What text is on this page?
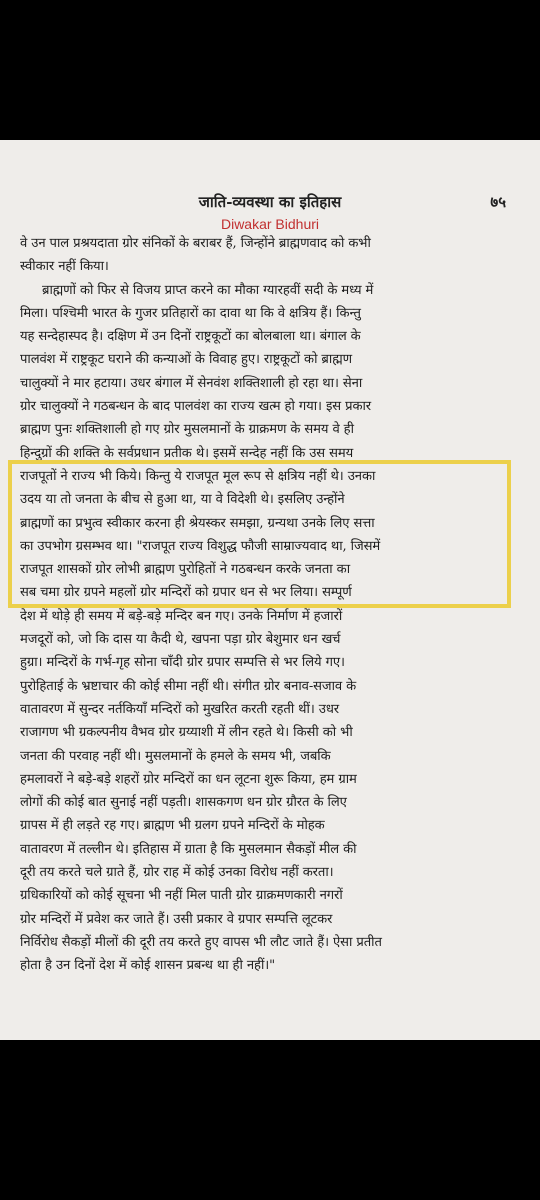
जाति-व्यवस्था का इतिहास	७५
Diwakar Bidhuri
वे उन पाल प्रश्रयदाता ग्रोर संनिकों के बराबर हैं, जिन्होंने ब्राह्मणवाद को कभी
स्वीकार नहीं किया।
ब्राह्मणों को फिर से विजय प्राप्त करने का मौका ग्यारहवीं सदी के मध्य में
मिला। पश्चिमी भारत के गुजर प्रतिहारों का दावा था कि वे क्षत्रिय हैं। किन्तु
यह सन्देहास्पद है। दक्षिण में उन दिनों राष्ट्रकूटों का बोलबाला था। बंगाल के
पालवंश में राष्ट्रकूट घराने की कन्याओं के विवाह हुए। राष्ट्रकूटों को ब्राह्मण
चालुक्यों ने मार हटाया। उधर बंगाल में सेनवंश शक्तिशाली हो रहा था। सेना
ग्रोर चालुक्यों ने गठबन्धन के बाद पालवंश का राज्य खत्म हो गया। इस प्रकार
ब्राह्मण पुनः शक्तिशाली हो गए ग्रोर मुसलमानों के ग्राक्रमण के समय वे ही
हिन्दुग्रों की शक्ति के सर्वप्रधान प्रतीक थे। इसमें सन्देह नहीं कि उस समय
राजपूतों ने राज्य भी किये। किन्तु ये राजपूत मूल रूप से क्षत्रिय नहीं थे। उनका
उदय या तो जनता के बीच से हुआ था, या वे विदेशी थे। इसलिए उन्होंने
ब्राह्मणों का प्रभुत्व स्वीकार करना ही श्रेयस्कर समझा, ग्रन्यथा उनके लिए सत्ता
का उपभोग ग्रसम्भव था। "राजपूत राज्य विशुद्ध फौजी साम्राज्यवाद था, जिसमें
राजपूत शासकों ग्रोर लोभी ब्राह्मण पुरोहितों ने गठबन्धन करके जनता का
सब चमा ग्रोर ग्रपने महलों ग्रोर मन्दिरों को ग्रपार धन से भर लिया। सम्पूर्ण
देश में थोड़े ही समय में बड़े-बड़े मन्दिर बन गए। उनके निर्माण में हजारों
मजदूरों को, जो कि दास या कैदी थे, खपना पड़ा ग्रोर बेशुमार धन खर्च
हुग्रा। मन्दिरों के गर्भ-गृह सोना चाँदी ग्रोर ग्रपार सम्पत्ति से भर लिये गए।
पुरोहिताई के भ्रष्टाचार की कोई सीमा नहीं थी। संगीत ग्रोर बनाव-सजाव के
वातावरण में सुन्दर नर्तकियाँ मन्दिरों को मुखरित करती रहती थीं। उधर
राजागण भी ग्रकल्पनीय वैभव ग्रोर ग्रय्याशी में लीन रहते थे। किसी को भी
जनता की परवाह नहीं थी। मुसलमानों के हमले के समय भी, जबकि
हमलावरों ने बड़े-बड़े शहरों ग्रोर मन्दिरों का धन लूटना शुरू किया, हम ग्राम
लोगों की कोई बात सुनाई नहीं पड़ती। शासकगण धन ग्रोर ग्रौरत के लिए
ग्रापस में ही लड़ते रह गए। ब्राह्मण भी ग्रलग ग्रपने मन्दिरों के मोहक
वातावरण में तल्लीन थे। इतिहास में ग्राता है कि मुसलमान सैकड़ों मील की
दूरी तय करते चले ग्राते हैं, ग्रोर राह में कोई उनका विरोध नहीं करता।
ग्रधिकारियों को कोई सूचना भी नहीं मिल पाती ग्रोर ग्राक्रमणकारी नगरों
ग्रोर मन्दिरों में प्रवेश कर जाते हैं। उसी प्रकार वे ग्रपार सम्पत्ति लूटकर
निर्विरोध सैकड़ों मीलों की दूरी तय करते हुए वापस भी लौट जाते हैं। ऐसा प्रतीत
होता है उन दिनों देश में कोई शासन प्रबन्ध था ही नहीं।"
